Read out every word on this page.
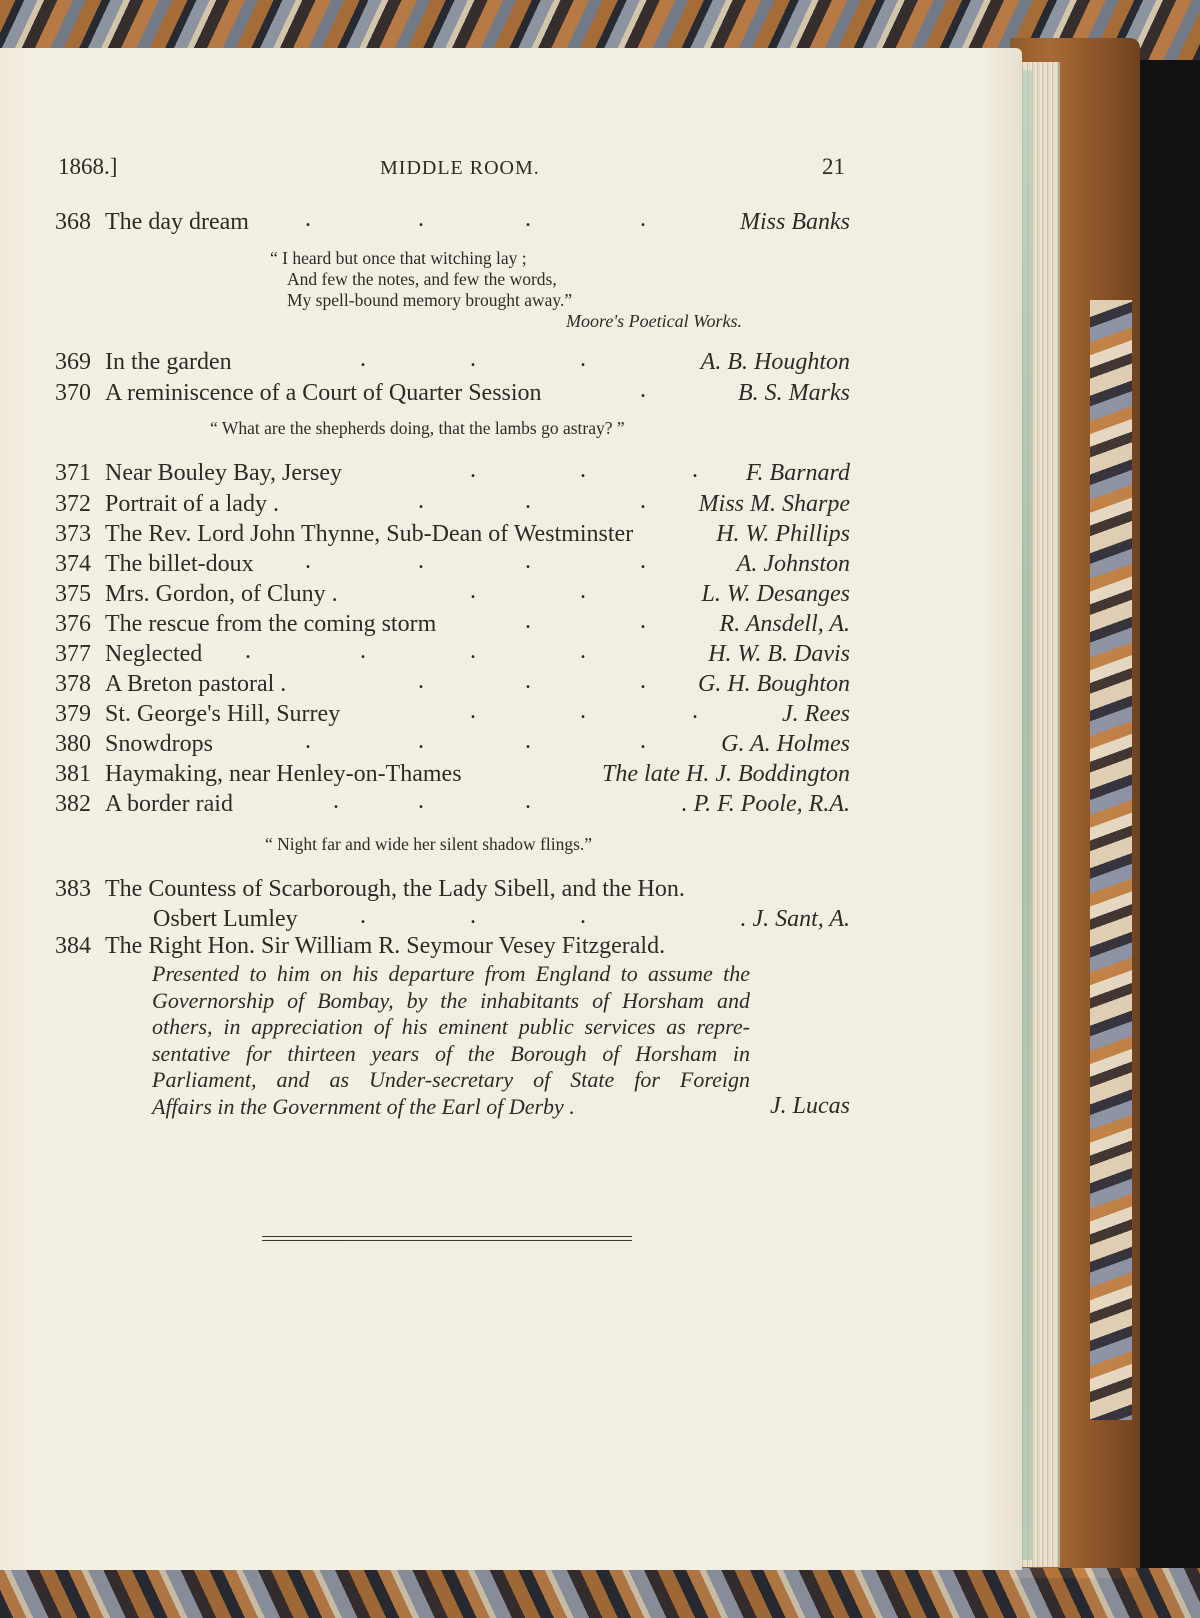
1868.]	MIDDLE ROOM.	21
368 The day dream	Miss Banks
.	.	.	.
“ I heard but once that witching lay ;
And few the notes, and few the words,
My spell-bound memory brought away.”
Moore's Poetical Works.
369 In the garden	A. B. Houghton
.	.	.
370 A reminiscence of a Court of Quarter Session	B. S. Marks
.
“ What are the shepherds doing, that the lambs go astray? ”
371 Near Bouley Bay, Jersey	F. Barnard
.	.	.
372 Portrait of a lady .	Miss M. Sharpe
.	.	.
373 The Rev. Lord John Thynne, Sub-Dean of Westminster	H. W. Phillips
374 The billet-doux	A. Johnston
.	.	.	.
375 Mrs. Gordon, of Cluny .	L. W. Desanges
.	.
376 The rescue from the coming storm	R. Ansdell, A.
.	.
377 Neglected	H. W. B. Davis
.	.	.	.
378 A Breton pastoral .	G. H. Boughton
.	.	.
379 St. George's Hill, Surrey	J. Rees
.	.	.
380 Snowdrops	G. A. Holmes
.	.	.	.
381 Haymaking, near Henley-on-Thames	The late H. J. Boddington
382 A border raid	. P. F. Poole, R.A.
.	.	.
“ Night far and wide her silent shadow flings.”
383 The Countess of Scarborough, the Lady Sibell, and the Hon.
Osbert Lumley	. J. Sant, A.
.	.	.
384 The Right Hon. Sir William R. Seymour Vesey Fitzgerald.
Presented to him on his departure from England to assume the
Governorship of Bombay, by the inhabitants of Horsham and
others, in appreciation of his eminent public services as repre-
sentative for thirteen years of the Borough of Horsham in
Parliament, and as Under-secretary of State for Foreign
Affairs in the Government of the Earl of Derby .	J. Lucas
